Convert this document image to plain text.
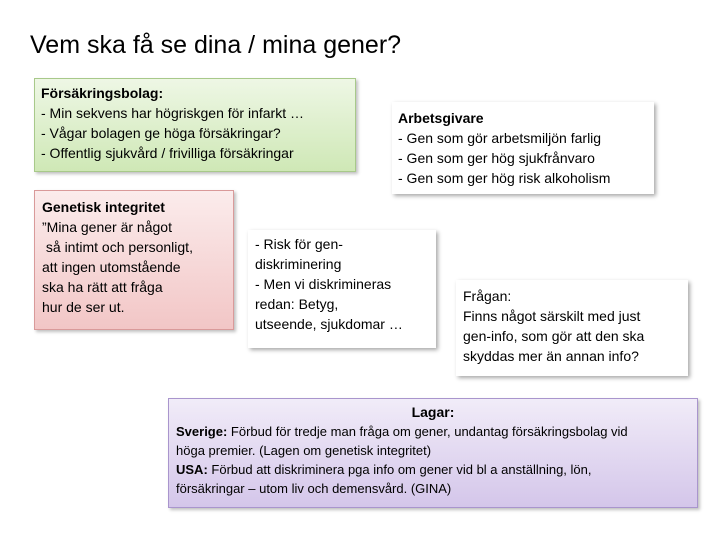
Vem ska få se dina / mina gener?
Försäkringsbolag:
- Min sekvens har högriskgen för infarkt …
- Vågar bolagen ge höga försäkringar?
- Offentlig sjukvård / frivilliga försäkringar
Arbetsgivare
- Gen som gör arbetsmiljön farlig
- Gen som ger hög sjukfrånvaro
- Gen som ger hög risk alkoholism
Genetisk integritet
”Mina gener är något
så intimt och personligt,
att ingen utomstående
ska ha rätt att fråga
hur de ser ut.
- Risk för gen-
diskriminering
- Men vi diskrimineras
redan: Betyg,
utseende, sjukdomar …
Frågan:
Finns något särskilt med just
gen-info, som gör att den ska
skyddas mer än annan info?
Lagar:
Sverige: Förbud för tredje man fråga om gener, undantag försäkringsbolag vid
höga premier. (Lagen om genetisk integritet)
USA: Förbud att diskriminera pga info om gener vid bl a anställning, lön,
försäkringar – utom liv och demensvård. (GINA)
